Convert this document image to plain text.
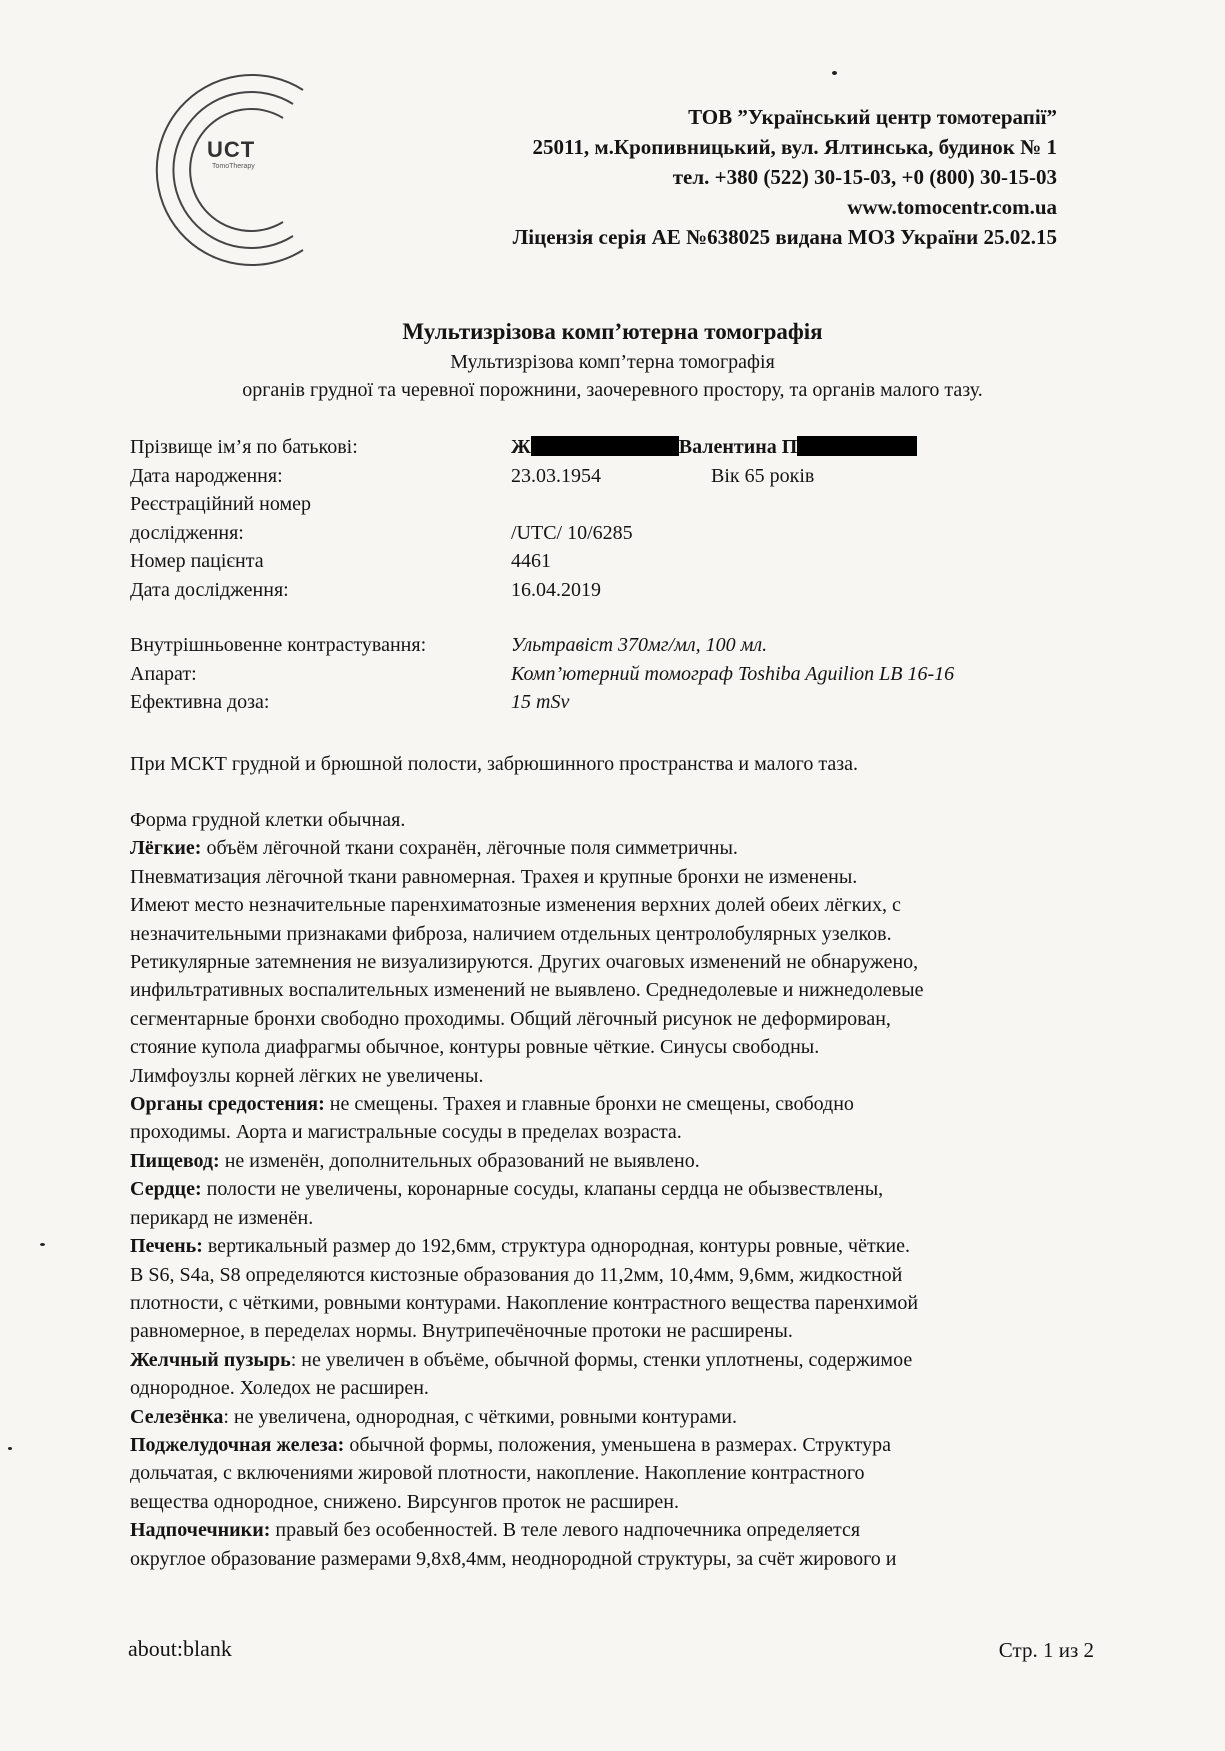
UCT
TomoTherapy
ТОВ ”Український центр томотерапії”
25011, м.Кропивницький, вул. Ялтинська, будинок № 1
тел. +380 (522) 30-15-03, +0 (800) 30-15-03
www.tomocentr.com.ua
Ліцензія серія АЕ №638025 видана МОЗ України 25.02.15
Мультизрізова комп’ютерна томографія
Мультизрізова комп’терна томографія
органів грудної та черевної порожнини, заочеревного простору, та органів малого тазу.
Прізвище ім’я по батькові:	Ж	Валентина П
Дата народження:	23.03.1954	Вік 65 років
Реєстраційний номер
дослідження:	/UTC/ 10/6285
Номер пацієнта	4461
Дата дослідження:	16.04.2019
Внутрішньовенне контрастування:	Ультравіст 370мг/мл, 100 мл.
Апарат:	Комп’ютерний томограф Toshiba Aguilion LB 16-16
Ефективна доза:	15 mSv
При МСКТ грудной и брюшной полости, забрюшинного пространства и малого таза.
Форма грудной клетки обычная.
Лёгкие: объём лёгочной ткани сохранён, лёгочные поля симметричны.
Пневматизация лёгочной ткани равномерная. Трахея и крупные бронхи не изменены.
Имеют место незначительные паренхиматозные изменения верхних долей обеих лёгких, с
незначительными признаками фиброза, наличием отдельных центролобулярных узелков.
Ретикулярные затемнения не визуализируются. Других очаговых изменений не обнаружено,
инфильтративных воспалительных изменений не выявлено. Среднедолевые и нижнедолевые
сегментарные бронхи свободно проходимы. Общий лёгочный рисунок не деформирован,
стояние купола диафрагмы обычное, контуры ровные чёткие. Синусы свободны.
Лимфоузлы корней лёгких не увеличены.
Органы средостения: не смещены. Трахея и главные бронхи не смещены, свободно
проходимы. Аорта и магистральные сосуды в пределах возраста.
Пищевод: не изменён, дополнительных образований не выявлено.
Сердце: полости не увеличены, коронарные сосуды, клапаны сердца не обызвествлены,
перикард не изменён.
Печень: вертикальный размер до 192,6мм, структура однородная, контуры ровные, чёткие.
В S6, S4a, S8 определяются кистозные образования до 11,2мм, 10,4мм, 9,6мм, жидкостной
плотности, с чёткими, ровными контурами. Накопление контрастного вещества паренхимой
равномерное, в переделах нормы. Внутрипечёночные протоки не расширены.
Желчный пузырь: не увеличен в объёме, обычной формы, стенки уплотнены, содержимое
однородное. Холедох не расширен.
Селезёнка: не увеличена, однородная, с чёткими, ровными контурами.
Поджелудочная железа: обычной формы, положения, уменьшена в размерах. Структура
дольчатая, с включениями жировой плотности, накопление. Накопление контрастного
вещества однородное, снижено. Вирсунгов проток не расширен.
Надпочечники: правый без особенностей. В теле левого надпочечника определяется
округлое образование размерами 9,8х8,4мм, неоднородной структуры, за счёт жирового и
about:blank	Стр. 1 из 2
